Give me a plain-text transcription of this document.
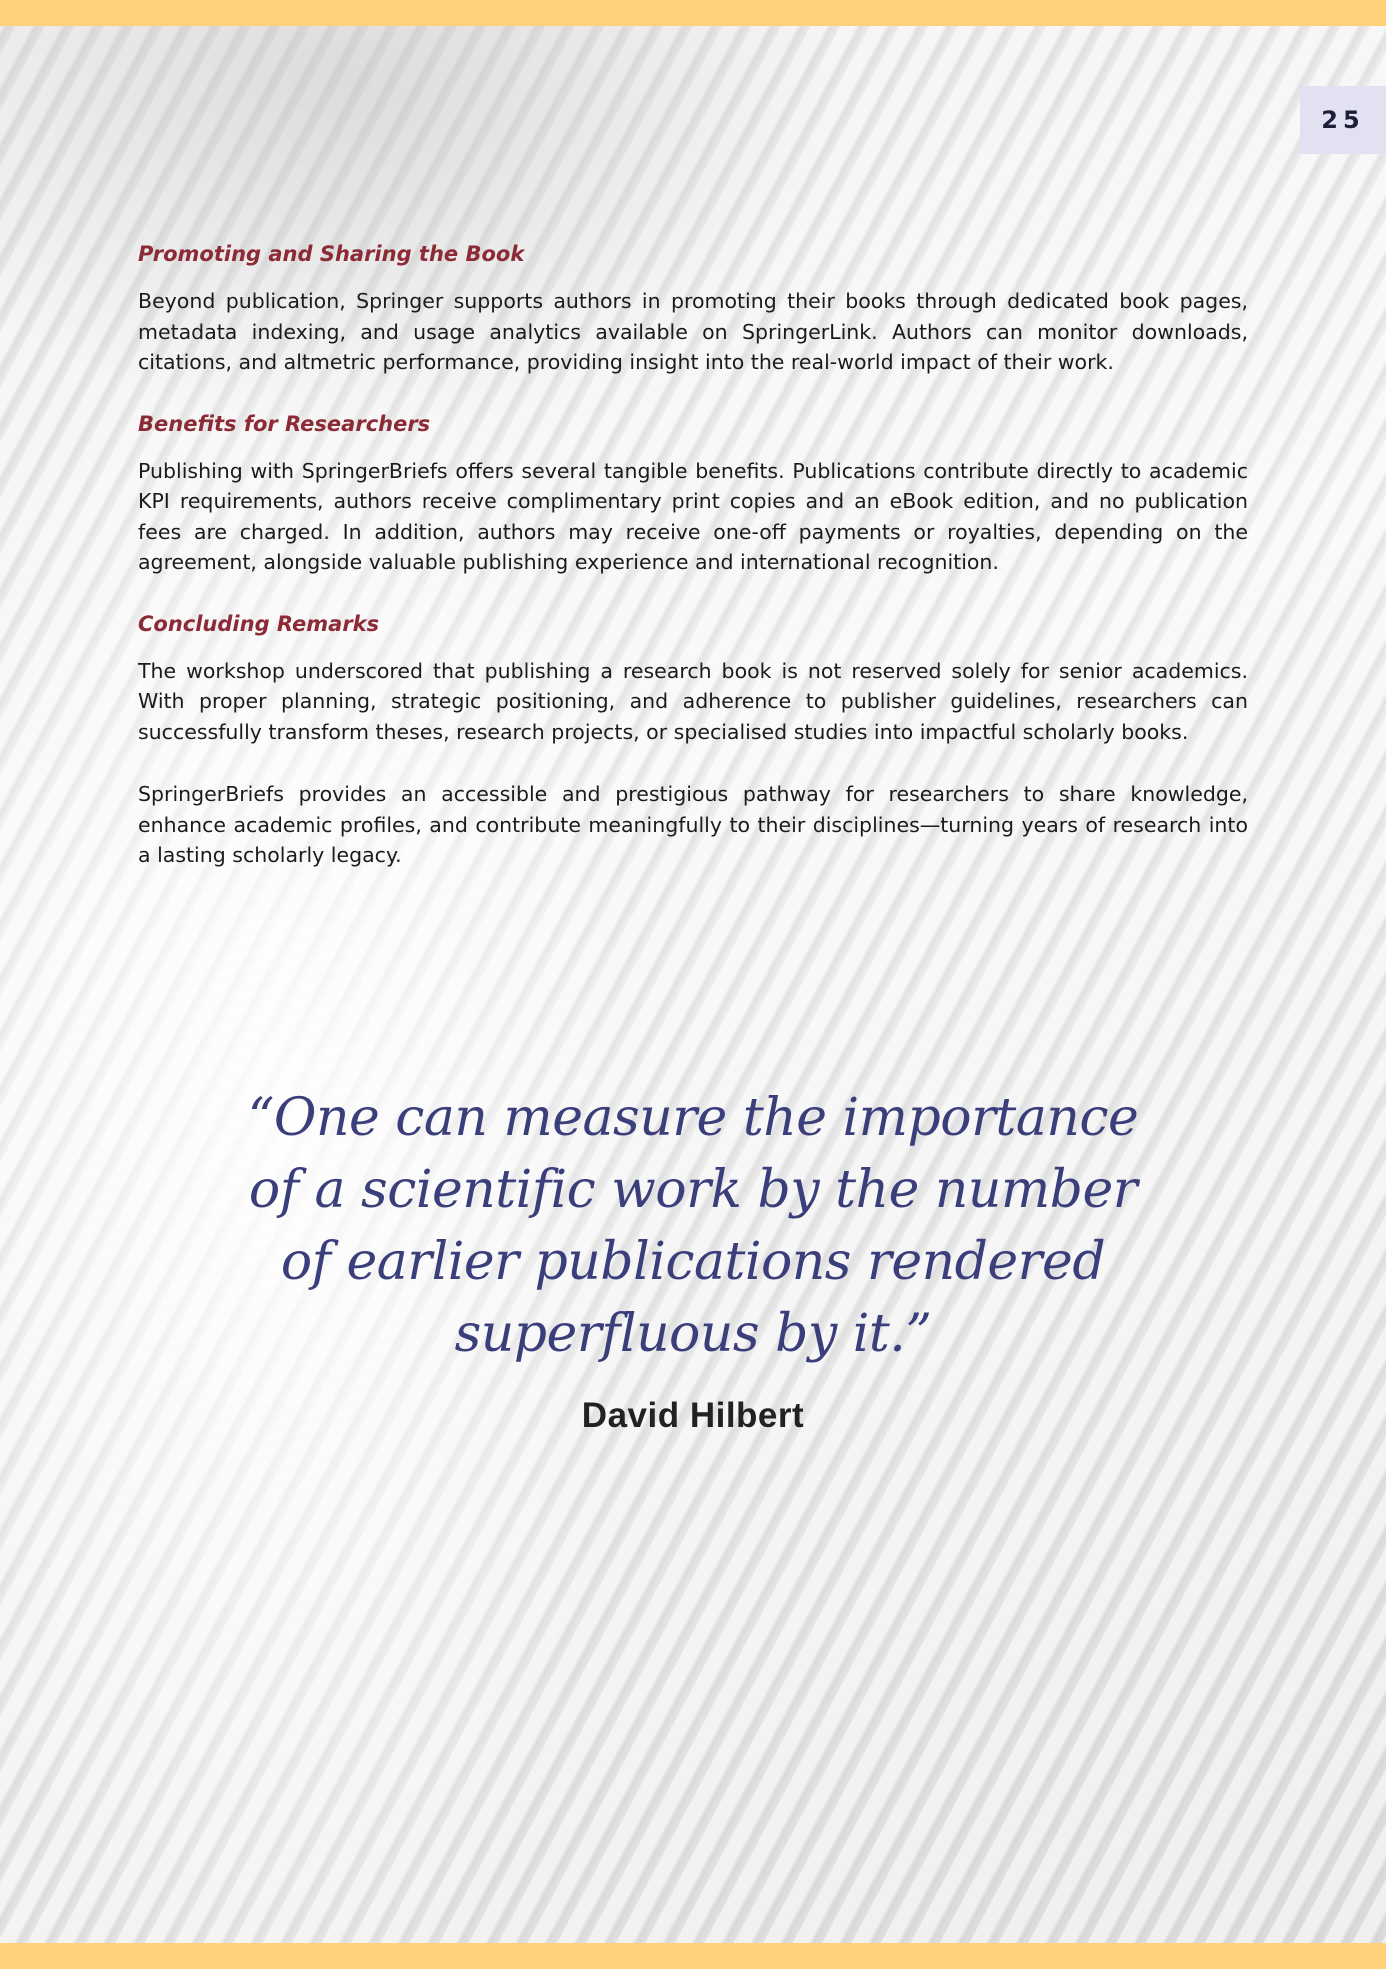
25
Promoting and Sharing the Book

Beyond publication, Springer supports authors in promoting their books through dedicated book pages, metadata indexing, and usage analytics available on SpringerLink. Authors can monitor downloads, citations, and altmetric performance, providing insight into the real-world impact of their work.

Benefits for Researchers

Publishing with SpringerBriefs offers several tangible benefits. Publications contribute directly to academic KPI requirements, authors receive complimentary print copies and an eBook edition, and no publication fees are charged. In addition, authors may receive one-off payments or royalties, depending on the agreement, alongside valuable publishing experience and international recognition.

Concluding Remarks

The workshop underscored that publishing a research book is not reserved solely for senior academics. With proper planning, strategic positioning, and adherence to publisher guidelines, researchers can successfully transform theses, research projects, or specialised studies into impactful scholarly books.

SpringerBriefs provides an accessible and prestigious pathway for researchers to share knowledge, enhance academic profiles, and contribute meaningfully to their disciplines—turning years of research into a lasting scholarly legacy.

“One can measure the importance of a scientific work by the number of earlier publications rendered superfluous by it.”

David Hilbert
